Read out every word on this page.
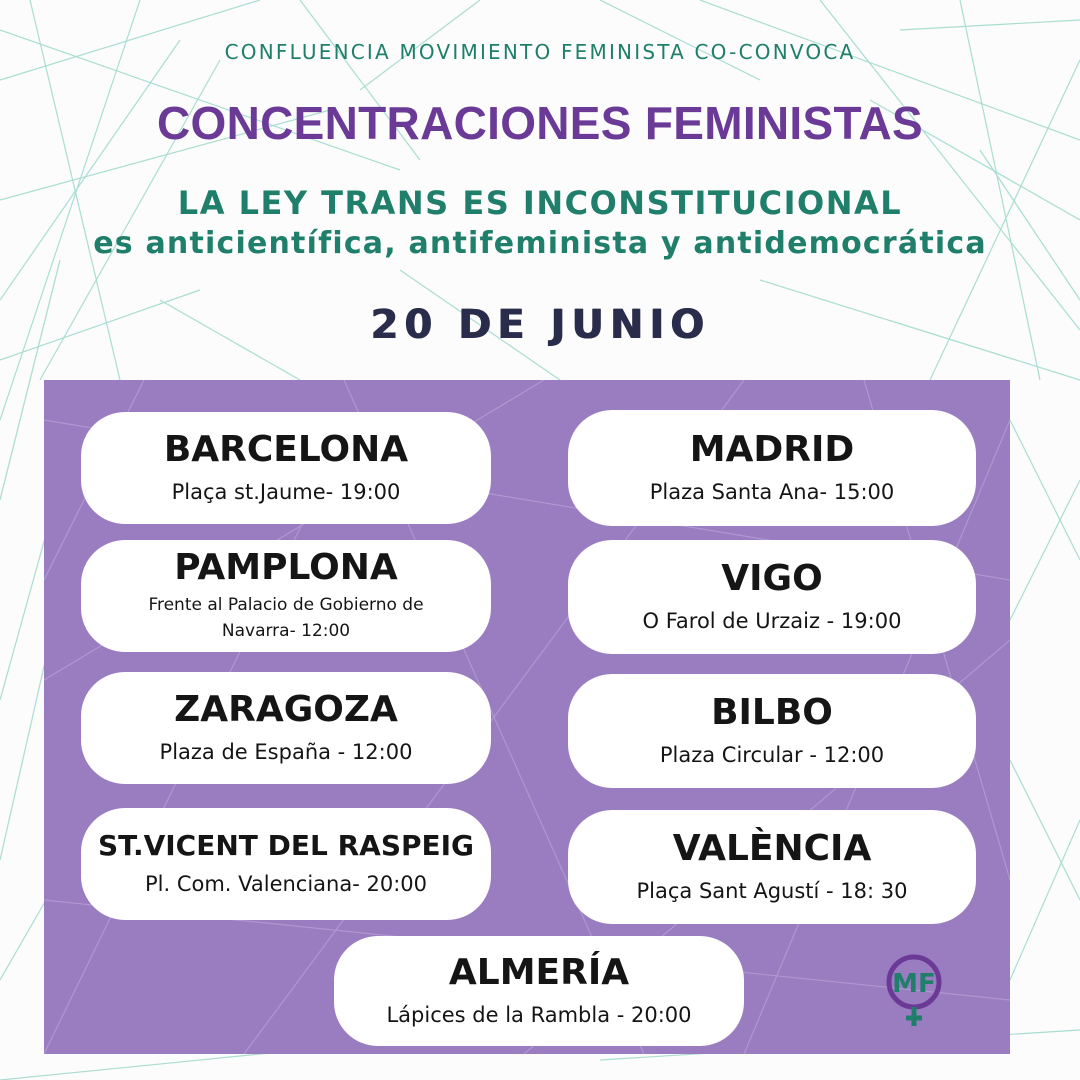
CONFLUENCIA MOVIMIENTO FEMINISTA CO-CONVOCA
CONCENTRACIONES FEMINISTAS
LA LEY TRANS ES INCONSTITUCIONAL
es anticientífica, antifeminista y antidemocrática
20 DE JUNIO
BARCELONA
Plaça st.Jaume- 19:00
MADRID
Plaza Santa Ana- 15:00
PAMPLONA
Frente al Palacio de Gobierno de
Navarra- 12:00
VIGO
O Farol de Urzaiz - 19:00
ZARAGOZA
Plaza de España - 12:00
BILBO
Plaza Circular - 12:00
ST.VICENT DEL RASPEIG
Pl. Com. Valenciana- 20:00
VALÈNCIA
Plaça Sant Agustí - 18: 30
ALMERÍA
Lápices de la Rambla - 20:00
MF
